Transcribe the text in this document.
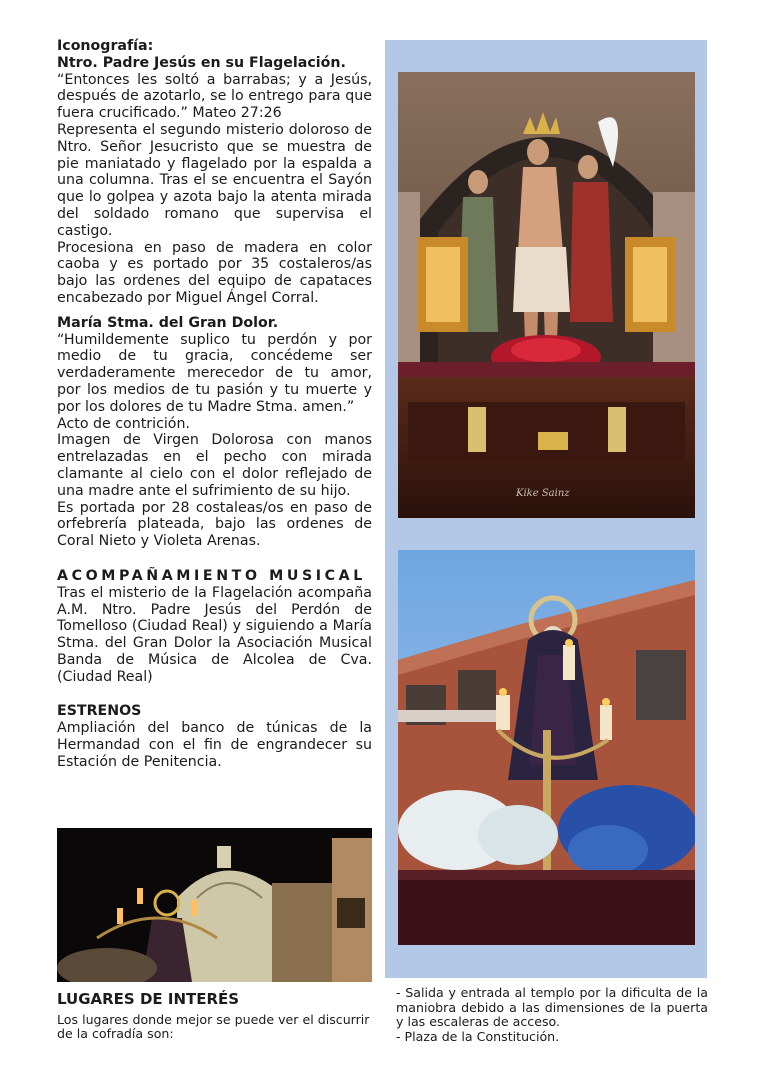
Iconografía:

Ntro. Padre Jesús en su Flagelación.

“Entonces les soltó a barrabas; y a Jesús, después de azotarlo, se lo entrego para que fuera crucificado.” Mateo 27:26

Representa el segundo misterio doloroso de Ntro. Señor Jesucristo que se muestra de pie maniatado y flagelado por la espalda a una columna. Tras el se encuentra el Sayón que lo golpea y azota bajo la atenta mirada del soldado romano que supervisa el castigo.

Procesiona en paso de madera en color caoba y es portado por 35 costaleros/as bajo las ordenes del equipo de capataces encabezado por Miguel Ángel Corral.

María Stma. del Gran Dolor.

“Humildemente suplico tu perdón y por medio de tu gracia, concédeme ser verdaderamente merecedor de tu amor, por los medios de tu pasión y tu muerte y por los dolores de tu Madre Stma. amen.”

Acto de contrición.

Imagen de Virgen Dolorosa con manos entrelazadas en el pecho con mirada clamante al cielo con el dolor reflejado de una madre ante el sufrimiento de su hijo.

Es portada por 28 costaleas/os en paso de orfebrería plateada, bajo las ordenes de Coral Nieto y Violeta Arenas.

ACOMPAÑAMIENTO MUSICAL

Tras el misterio de la Flagelación acompaña A.M. Ntro. Padre Jesús del Perdón de Tomelloso (Ciudad Real) y siguiendo a María Stma. del Gran Dolor la Asociación Musical Banda de Música de Alcolea de Cva. (Ciudad Real)

ESTRENOS

Ampliación del banco de túnicas de la Hermandad con el fin de engrandecer su Estación de Penitencia.

Kike Sainz
LUGARES DE INTERÉS
Los lugares donde mejor se puede ver el discurrir de la cofradía son:

- Salida y entrada al templo por la dificulta de la maniobra debido a las dimensiones de la puerta y las escaleras de acceso.

- Plaza de la Constitución.
